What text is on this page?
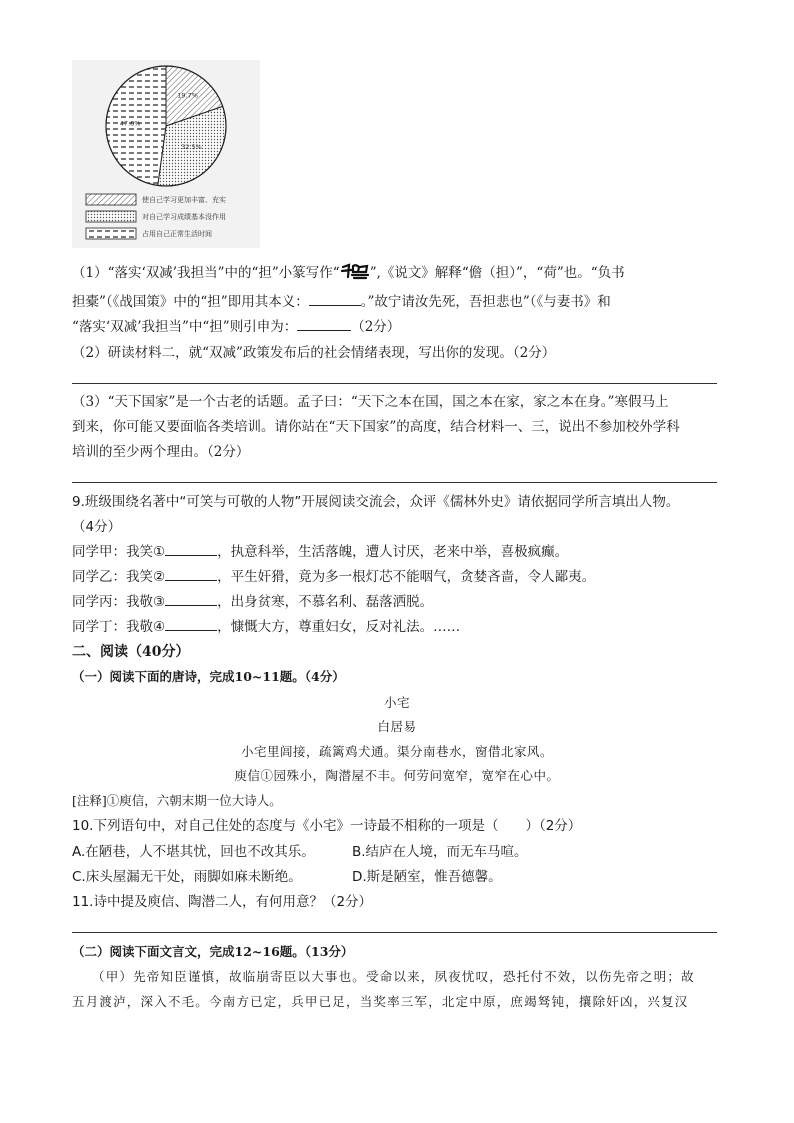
19.7%
32.5%
47.8%
使自己学习更加丰富、充实
对自己学习成绩基本没作用
占用自己正常生活时间
（1）“落实‘双减’我担当”中的“担”小篆写作“ ”,《说文》解释“儋（担）”，“荷”也。“负书
担橐”（《战国策》中的“担”即用其本义：	。”故宁请汝先死，吾担悲也”（《与妻书》和
“落实‘双减’我担当”中“担”则引申为：	（2分）
（2）研读材料二，就“双减”政策发布后的社会情绪表现，写出你的发现。（2分）
（3）“天下国家”是一个古老的话题。孟子曰：“天下之本在国，国之本在家，家之本在身。”寒假马上
到来，你可能又要面临各类培训。请你站在“天下国家”的高度，结合材料一、三，说出不参加校外学科
培训的至少两个理由。（2分）
9.班级围绕名著中“可笑与可敬的人物”开展阅读交流会，众评《儒林外史》请依据同学所言填出人物。
（4分）
同学甲：我笑①	，执意科举，生活落魄，遭人讨厌，老来中举，喜极疯癫。
同学乙：我笑②	，平生奸猾，竟为多一根灯芯不能咽气，贪婪吝啬，令人鄙夷。
同学丙：我敬③	，出身贫寒，不慕名利、磊落洒脱。
同学丁：我敬④	，慷慨大方，尊重妇女，反对礼法。……
二、阅读（40分）
（一）阅读下面的唐诗，完成10~11题。（4分）
小宅
白居易
小宅里闾接，疏篱鸡犬通。渠分南巷水，窗借北家风。
庾信①园殊小，陶潜屋不丰。何劳问宽窄，宽窄在心中。
[注释]①庾信，六朝末期一位大诗人。
10.下列语句中，对自己住处的态度与《小宅》一诗最不相称的一项是（　　）（2分）
A.在陋巷，人不堪其忧，回也不改其乐。	B.结庐在人境，而无车马喧。
C.床头屋漏无干处，雨脚如麻未断绝。	D.斯是陋室，惟吾德馨。
11.诗中提及庾信、陶潜二人，有何用意？（2分）
（二）阅读下面文言文，完成12~16题。（13分）
（甲）先帝知臣谨慎，故临崩寄臣以大事也。受命以来，夙夜忧叹，恐托付不效，以伤先帝之明；故
五月渡泸，深入不毛。今南方已定，兵甲已足，当奖率三军，北定中原，庶竭驽钝，攘除奸凶，兴复汉
